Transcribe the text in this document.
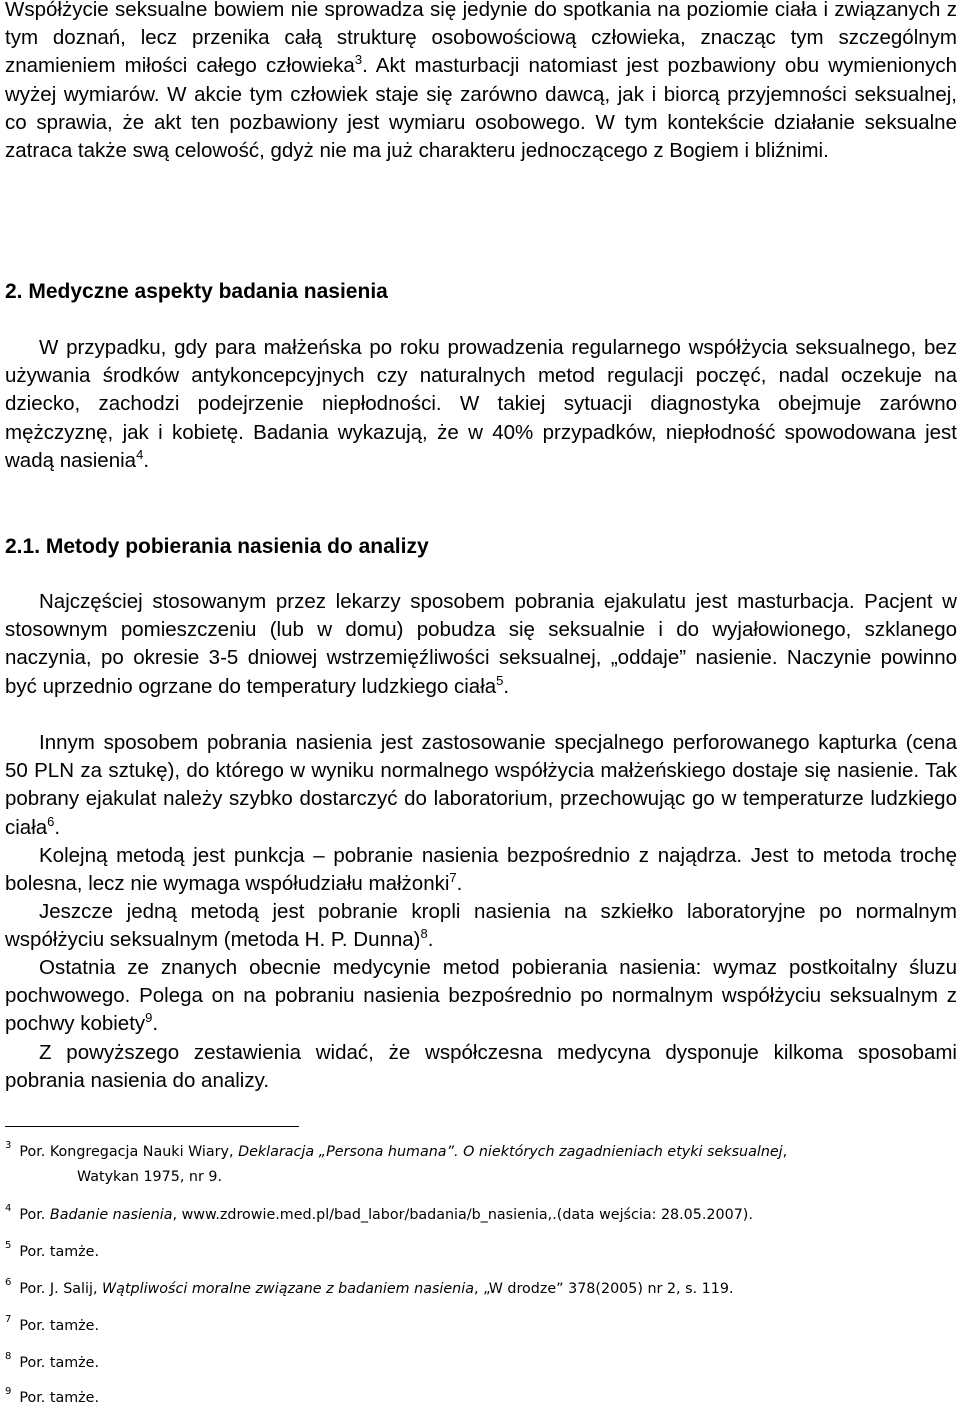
Współżycie seksualne bowiem nie sprowadza się jedynie do spotkania na poziomie ciała i związanych z tym doznań, lecz przenika całą strukturę osobowościową człowieka, znacząc tym szczególnym znamieniem miłości całego człowieka$^3$. Akt masturbacji natomiast jest pozbawiony obu wymienionych wyżej wymiarów. W akcie tym człowiek staje się zarówno dawcą, jak i biorcą przyjemności seksualnej, co sprawia, że akt ten pozbawiony jest wymiaru osobowego. W tym kontekście działanie seksualne zatraca także swą celowość, gdyż nie ma już charakteru jednoczącego z Bogiem i bliźnimi.

2. Medyczne aspekty badania nasienia

W przypadku, gdy para małżeńska po roku prowadzenia regularnego współżycia seksualnego, bez używania środków antykoncepcyjnych czy naturalnych metod regulacji poczęć, nadal oczekuje na dziecko, zachodzi podejrzenie niepłodności. W takiej sytuacji diagnostyka obejmuje zarówno mężczyznę, jak i kobietę. Badania wykazują, że w 40% przypadków, niepłodność spowodowana jest wadą nasienia$^4$.

2.1. Metody pobierania nasienia do analizy

Najczęściej stosowanym przez lekarzy sposobem pobrania ejakulatu jest masturbacja. Pacjent w stosownym pomieszczeniu (lub w domu) pobudza się seksualnie i do wyjałowionego, szklanego naczynia, po okresie 3-5 dniowej wstrzemięźliwości seksualnej, „oddaje” nasienie. Naczynie powinno być uprzednio ogrzane do temperatury ludzkiego ciała$^5$.

Innym sposobem pobrania nasienia jest zastosowanie specjalnego perforowanego kapturka (cena 50 PLN za sztukę), do którego w wyniku normalnego współżycia małżeńskiego dostaje się nasienie. Tak pobrany ejakulat należy szybko dostarczyć do laboratorium, przechowując go w temperaturze ludzkiego ciała$^6$.

Kolejną metodą jest punkcja – pobranie nasienia bezpośrednio z najądrza. Jest to metoda trochę bolesna, lecz nie wymaga współudziału małżonki$^7$.

Jeszcze jedną metodą jest pobranie kropli nasienia na szkiełko laboratoryjne po normalnym współżyciu seksualnym (metoda H. P. Dunna)$^8$.

Ostatnia ze znanych obecnie medycynie metod pobierania nasienia: wymaz postkoitalny śluzu pochwowego. Polega on na pobraniu nasienia bezpośrednio po normalnym współżyciu seksualnym z pochwy kobiety$^9$.

Z powyższego zestawienia widać, że współczesna medycyna dysponuje kilkoma sposobami pobrania nasienia do analizy.

$^3$ Por. Kongregacja Nauki Wiary, Deklaracja „Persona humana”. O niektórych zagadnieniach etyki seksualnej,
Watykan 1975, nr 9.

$^4$ Por. Badanie nasienia, www.zdrowie.med.pl/bad_labor/badania/b_nasienia,.(data wejścia: 28.05.2007).

$^5$ Por. tamże.

$^6$ Por. J. Salij, Wątpliwości moralne związane z badaniem nasienia, „W drodze” 378(2005) nr 2, s. 119.

$^7$ Por. tamże.

$^8$ Por. tamże.

$^9$ Por. tamże.
